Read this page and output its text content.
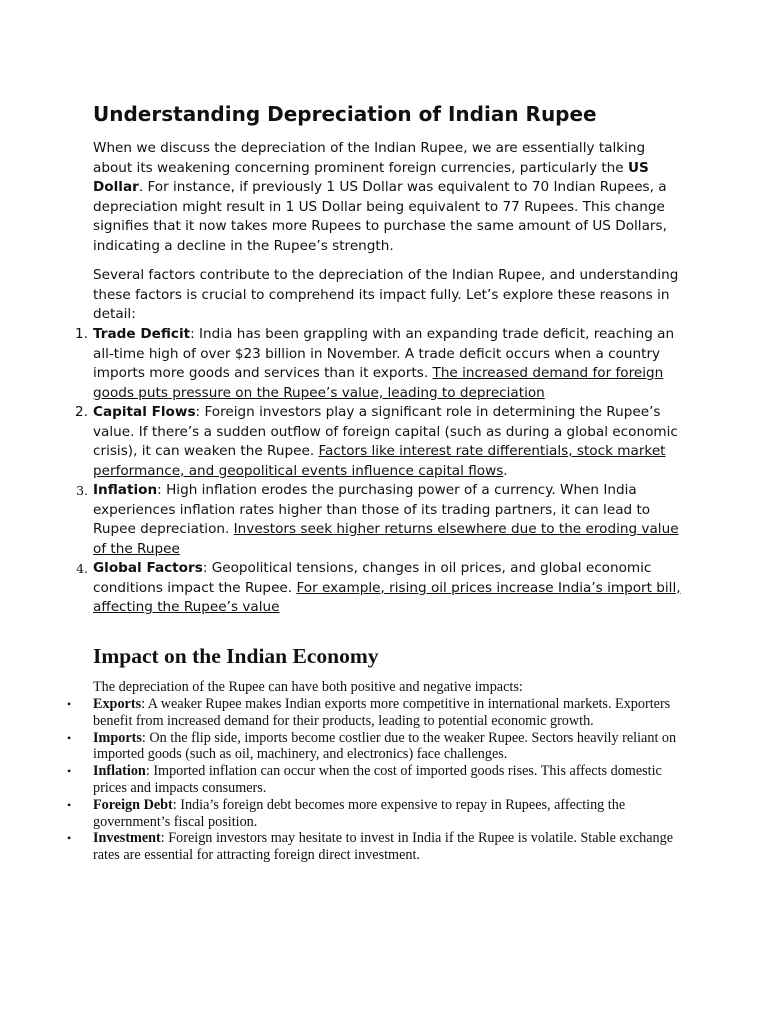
Understanding Depreciation of Indian Rupee

When we discuss the depreciation of the Indian Rupee, we are essentially talking about its weakening concerning prominent foreign currencies, particularly the US Dollar. For instance, if previously 1 US Dollar was equivalent to 70 Indian Rupees, a depreciation might result in 1 US Dollar being equivalent to 77 Rupees. This change signifies that it now takes more Rupees to purchase the same amount of US Dollars, indicating a decline in the Rupee’s strength.

Several factors contribute to the depreciation of the Indian Rupee, and understanding these factors is crucial to comprehend its impact fully. Let’s explore these reasons in detail:

1. Trade Deficit: India has been grappling with an expanding trade deficit, reaching an all-time high of over $23 billion in November. A trade deficit occurs when a country imports more goods and services than it exports. The increased demand for foreign goods puts pressure on the Rupee’s value, leading to depreciation
2. Capital Flows: Foreign investors play a significant role in determining the Rupee’s value. If there’s a sudden outflow of foreign capital (such as during a global economic crisis), it can weaken the Rupee. Factors like interest rate differentials, stock market performance, and geopolitical events influence capital flows.
3. Inflation: High inflation erodes the purchasing power of a currency. When India experiences inflation rates higher than those of its trading partners, it can lead to Rupee depreciation. Investors seek higher returns elsewhere due to the eroding value of the Rupee
4. Global Factors: Geopolitical tensions, changes in oil prices, and global economic conditions impact the Rupee. For example, rising oil prices increase India’s import bill, affecting the Rupee’s value
Impact on the Indian Economy

The depreciation of the Rupee can have both positive and negative impacts:

• Exports: A weaker Rupee makes Indian exports more competitive in international markets. Exporters benefit from increased demand for their products, leading to potential economic growth.
• Imports: On the flip side, imports become costlier due to the weaker Rupee. Sectors heavily reliant on imported goods (such as oil, machinery, and electronics) face challenges.
• Inflation: Imported inflation can occur when the cost of imported goods rises. This affects domestic prices and impacts consumers.
• Foreign Debt: India’s foreign debt becomes more expensive to repay in Rupees, affecting the government’s fiscal position.
• Investment: Foreign investors may hesitate to invest in India if the Rupee is volatile. Stable exchange rates are essential for attracting foreign direct investment.
